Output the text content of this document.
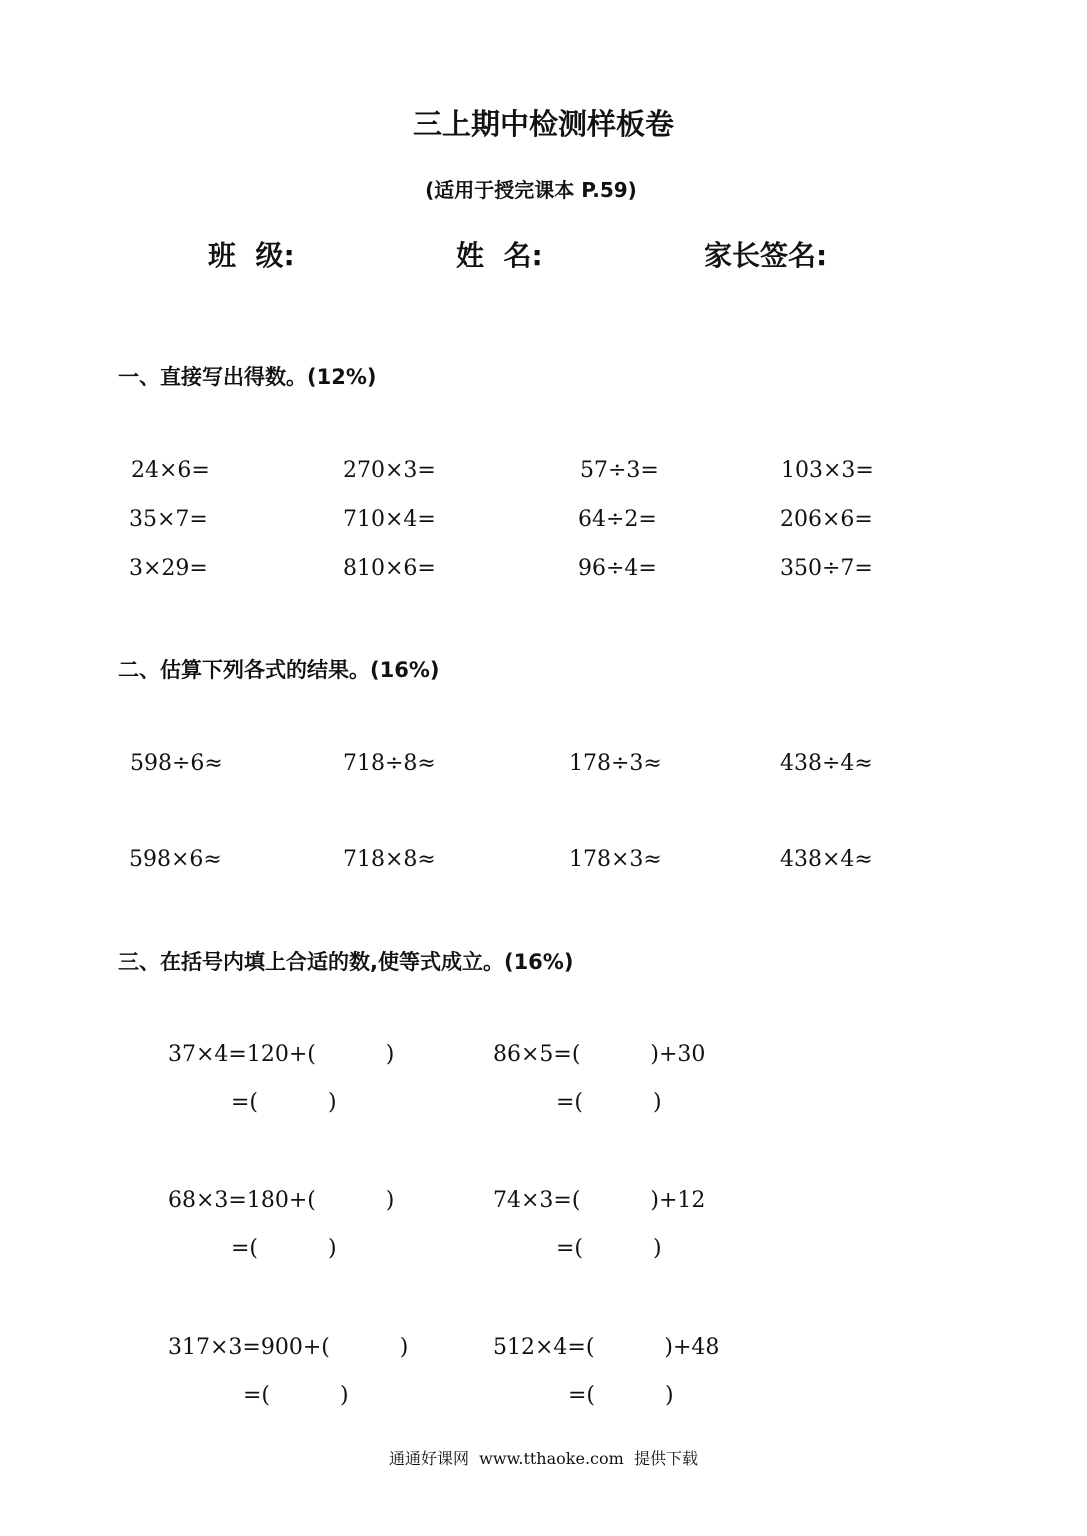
三上期中检测样板卷
(适用于授完课本 P.59)
班  级:	姓  名:	家长签名:
一、直接写出得数。(12%)
24×6=	270×3=	57÷3=	103×3=
35×7=	710×4=	64÷2=	206×6=
3×29=	810×6=	96÷4=	350÷7=
二、估算下列各式的结果。(16%)
598÷6≈	718÷8≈	178÷3≈	438÷4≈
598×6≈	718×8≈	178×3≈	438×4≈
三、在括号内填上合适的数,使等式成立。(16%)
37×4=120+(          )
=(          )
86×5=(          )+30
=(          )
68×3=180+(          )
=(          )
74×3=(          )+12
=(          )
317×3=900+(          )
=(          )
512×4=(          )+48
=(          )
通通好课网  www.tthaoke.com  提供下载
